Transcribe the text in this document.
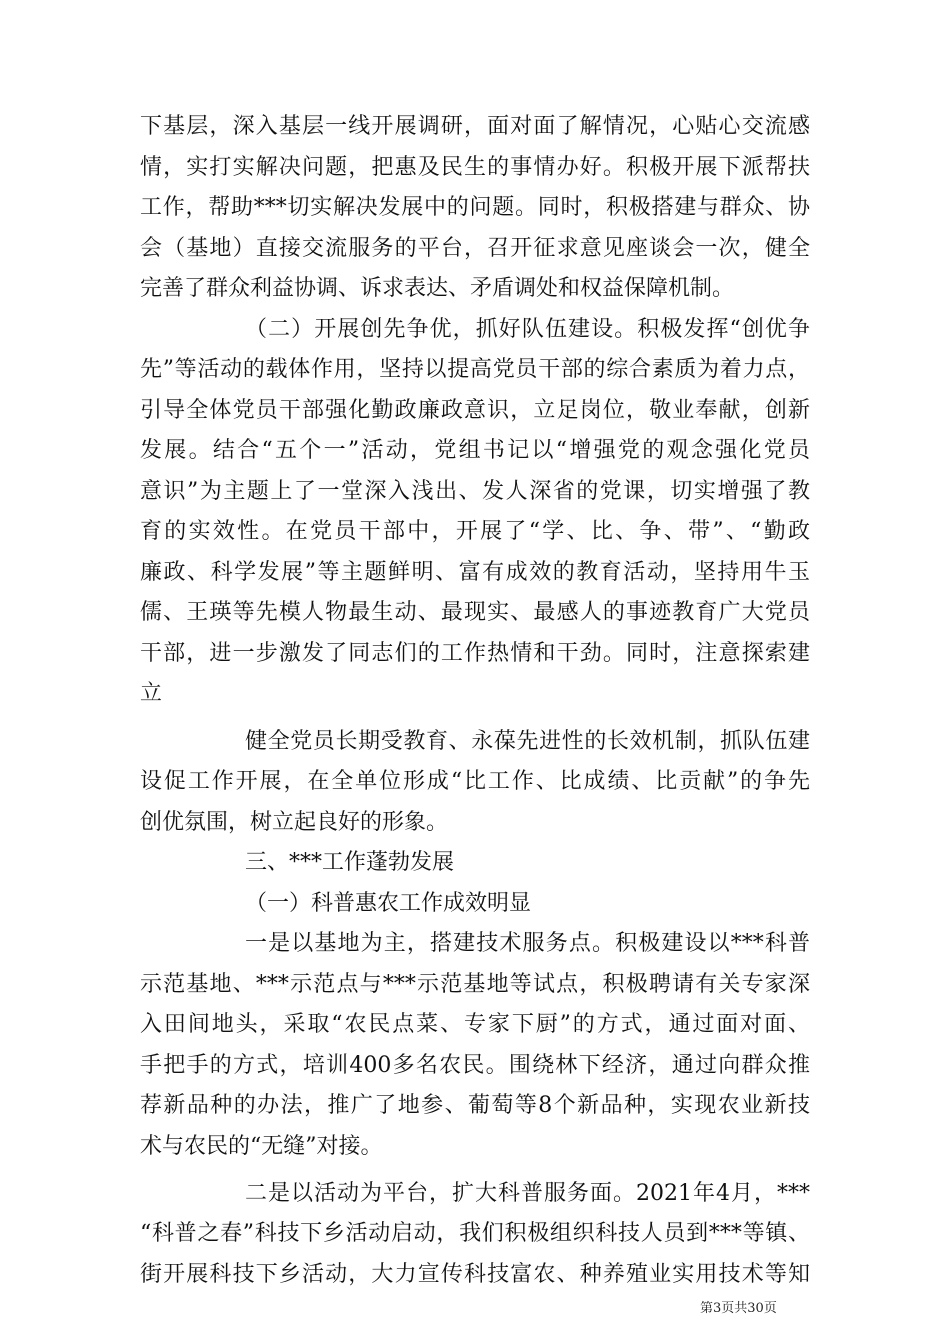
下基层，深入基层一线开展调研，面对面了解情况，心贴心交流感
情，实打实解决问题，把惠及民生的事情办好。积极开展下派帮扶
工作，帮助***切实解决发展中的问题。同时，积极搭建与群众、协
会（基地）直接交流服务的平台，召开征求意见座谈会一次，健全
完善了群众利益协调、诉求表达、矛盾调处和权益保障机制。
（二）开展创先争优，抓好队伍建设。积极发挥“创优争
先”等活动的载体作用，坚持以提高党员干部的综合素质为着力点，
引导全体党员干部强化勤政廉政意识，立足岗位，敬业奉献，创新
发展。结合“五个一”活动，党组书记以“增强党的观念强化党员
意识”为主题上了一堂深入浅出、发人深省的党课，切实增强了教
育的实效性。在党员干部中，开展了“学、比、争、带”、“勤政
廉政、科学发展”等主题鲜明、富有成效的教育活动，坚持用牛玉
儒、王瑛等先模人物最生动、最现实、最感人的事迹教育广大党员
干部，进一步激发了同志们的工作热情和干劲。同时，注意探索建
立
健全党员长期受教育、永葆先进性的长效机制，抓队伍建
设促工作开展，在全单位形成“比工作、比成绩、比贡献”的争先
创优氛围，树立起良好的形象。
三、***工作蓬勃发展
（一）科普惠农工作成效明显
一是以基地为主，搭建技术服务点。积极建设以***科普
示范基地、***示范点与***示范基地等试点，积极聘请有关专家深
入田间地头，采取“农民点菜、专家下厨”的方式，通过面对面、
手把手的方式，培训400多名农民。围绕林下经济，通过向群众推
荐新品种的办法，推广了地参、葡萄等8个新品种，实现农业新技
术与农民的“无缝”对接。
二是以活动为平台，扩大科普服务面。2021年4月，***
“科普之春”科技下乡活动启动，我们积极组织科技人员到***等镇、
街开展科技下乡活动，大力宣传科技富农、种养殖业实用技术等知
第3页共30页
